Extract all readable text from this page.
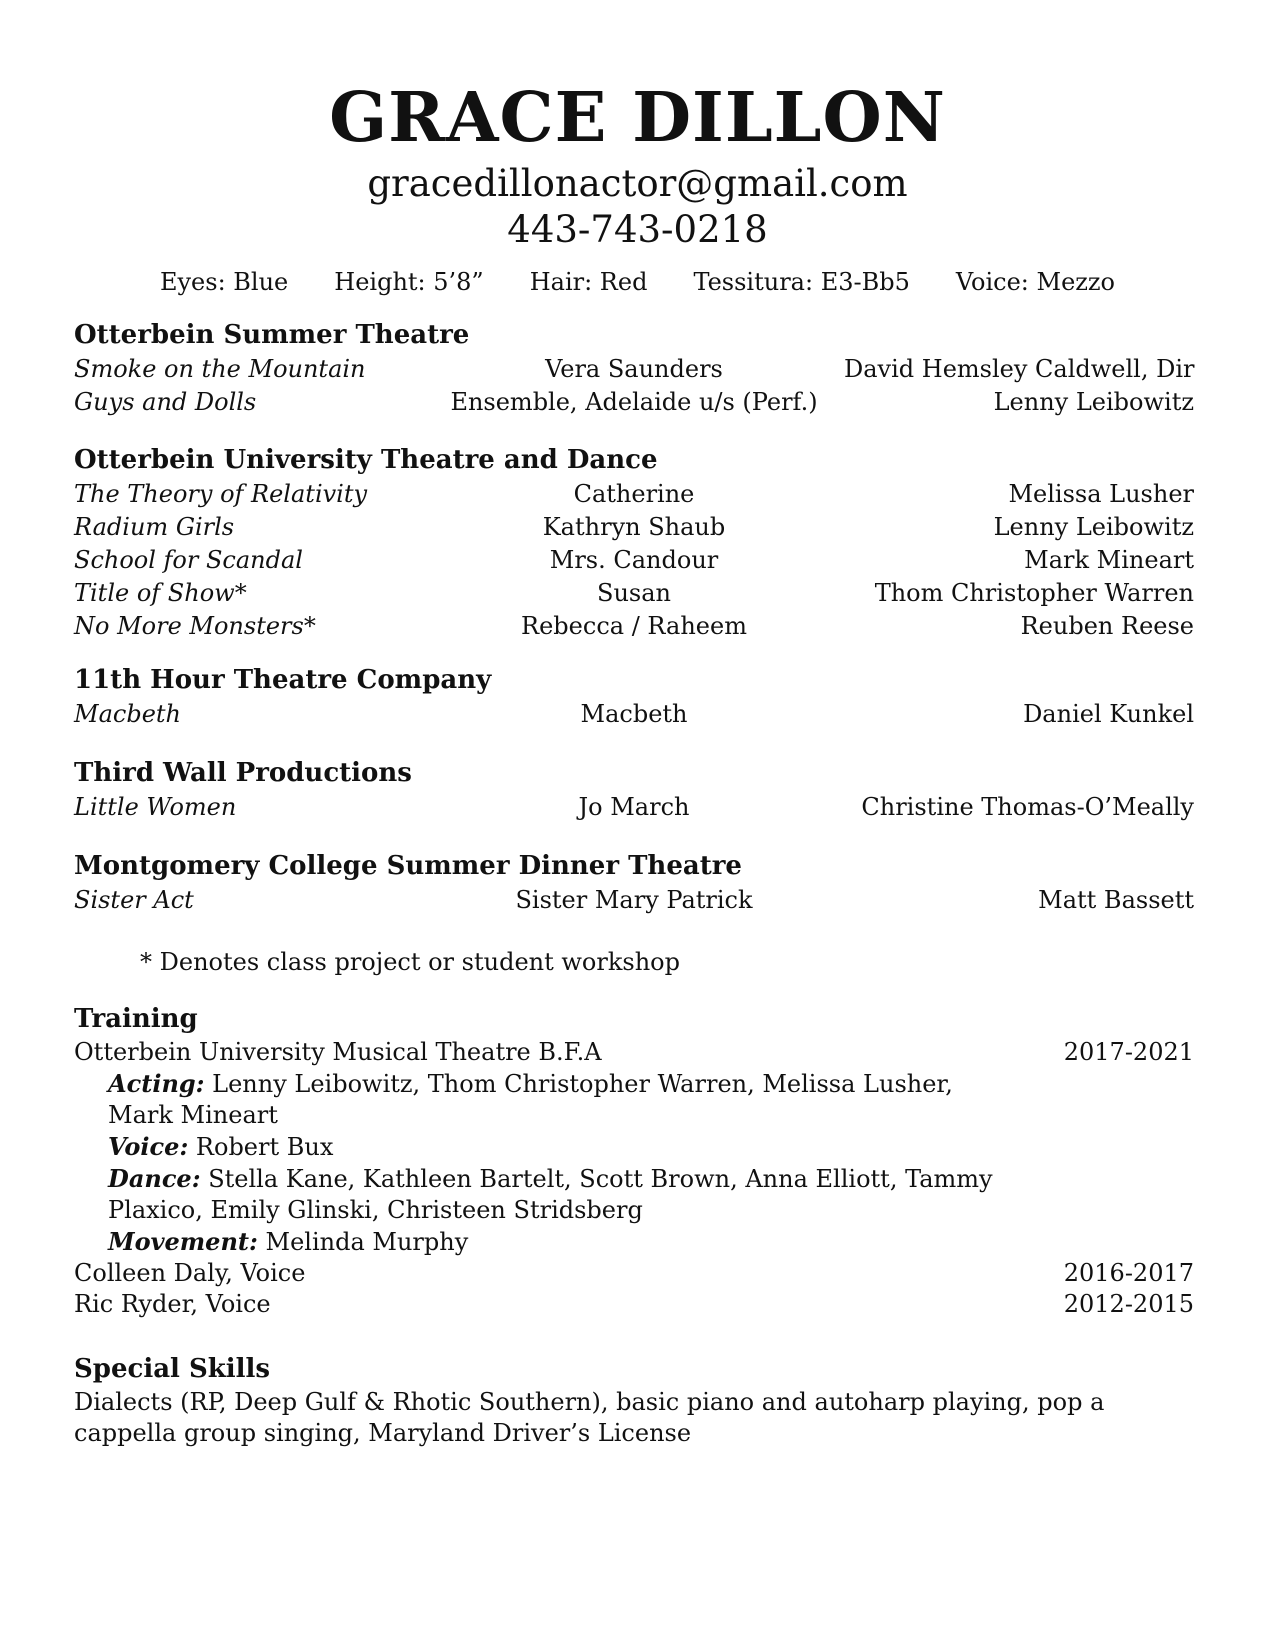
GRACE DILLON
gracedillonactor@gmail.com
443-743-0218
Eyes: Blue Height: 5’8” Hair: Red Tessitura: E3-Bb5 Voice: Mezzo
Otterbein Summer Theatre
Smoke on the Mountain	Vera Saunders	David Hemsley Caldwell, Dir
Guys and Dolls	Ensemble, Adelaide u/s (Perf.)	Lenny Leibowitz
Otterbein University Theatre and Dance
The Theory of Relativity	Catherine	Melissa Lusher
Radium Girls	Kathryn Shaub	Lenny Leibowitz
School for Scandal	Mrs. Candour	Mark Mineart
Title of Show*	Susan	Thom Christopher Warren
No More Monsters*	Rebecca / Raheem	Reuben Reese
11th Hour Theatre Company
Macbeth	Macbeth	Daniel Kunkel
Third Wall Productions
Little Women	Jo March	Christine Thomas-O’Meally
Montgomery College Summer Dinner Theatre
Sister Act	Sister Mary Patrick	Matt Bassett
* Denotes class project or student workshop
Training
Otterbein University Musical Theatre B.F.A	2017-2021
Acting: Lenny Leibowitz, Thom Christopher Warren, Melissa Lusher, Mark Mineart
Voice: Robert Bux
Dance: Stella Kane, Kathleen Bartelt, Scott Brown, Anna Elliott, Tammy Plaxico, Emily Glinski, Christeen Stridsberg
Movement: Melinda Murphy
Colleen Daly, Voice	2016-2017
Ric Ryder, Voice	2012-2015
Special Skills
Dialects (RP, Deep Gulf & Rhotic Southern), basic piano and autoharp playing, pop a cappella group singing, Maryland Driver’s License
